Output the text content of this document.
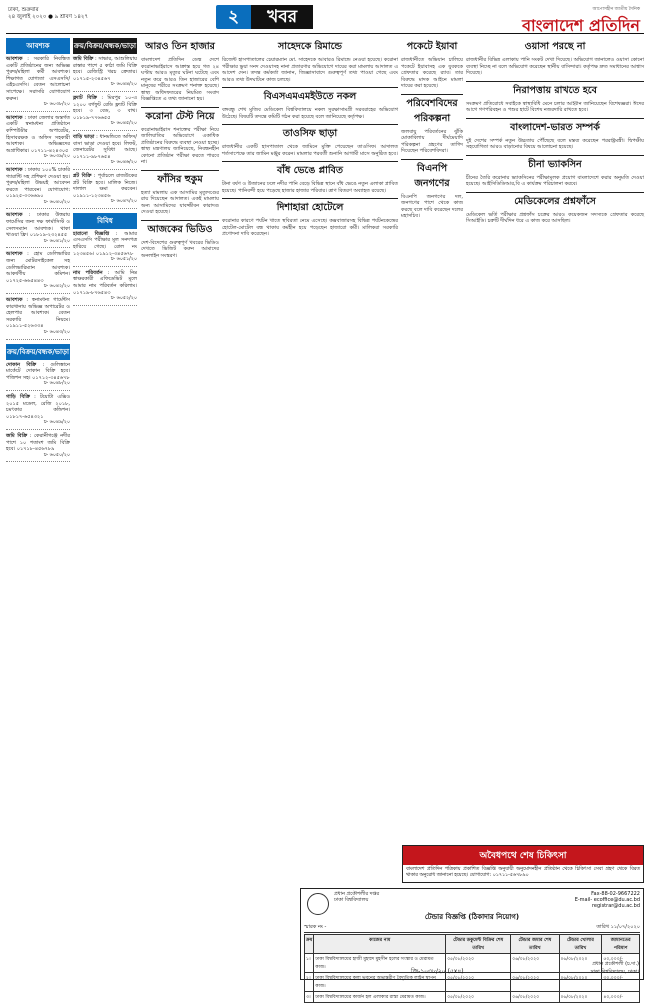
ঢাকা, শুক্রবার
২৪ জুলাই ২০২০ ● ৯ শ্রাবণ ১৪২৭	২	খবর	আপোসহীন জাতীয় দৈনিক
বাংলাদেশ প্রতিদিন
আবশ্যক
আবশ্যক : সরকারি নিবন্ধিত একটি প্রতিষ্ঠানের জন্য অভিজ্ঞ পুরুষ/মহিলা কর্মী আবশ্যক। শিক্ষাগত যোগ্যতা এসএসসি/এইচএসসি। বেতন আলোচনা সাপেক্ষে। সরাসরি যোগাযোগ করুন।
চ- ৬০৩৮/২০
আবশ্যক : ঢাকা জেলার অন্তর্গত একটি স্বনামধন্য প্রতিষ্ঠানে কম্পিউটার অপারেটর, হিসাবরক্ষক ও অফিস সহকারী আবশ্যক। অভিজ্ঞদের অগ্রাধিকার। ০১৭১১-৪২৪৩০৫
চ- ৬০৩৯/২০
আবশ্যক : ঢাকায় ১০০% চাকরি গ্যারান্টি সহ প্রশিক্ষণ দেওয়া হয়। পুরুষ/মহিলা উভয়ই আবেদন করতে পারবেন। যোগাযোগ: ০১৯২৫-৩৩৬৬৯০
চ- ৬০৪০/২০
আবশ্যক : ঢাকার উত্তরায় ফার্মেসির জন্য দক্ষ ফার্মাসিস্ট ও সেলসম্যান আবশ্যক। থাকা খাওয়া ফ্রি। ০১৮১৯-২৩২৪৫৫
চ- ৬০৪১/২০
আবশ্যক : হোম ডেলিভারির জন্য মোটরসাইকেল সহ ডেলিভারিম্যান আবশ্যক। আকর্ষণীয় কমিশন। ০১৭২৫-৬৬৫৪৪৩
চ- ৬০৪২/২০
আবশ্যক : স্বনামধন্য গার্মেন্টস কারখানায় অভিজ্ঞ অপারেটর ও হেলপার আবশ্যক। বেতন সরকারি নিয়মে। ০১৯১১-৫২৬৩৩৪
চ- ৬০৪৩/২০
ক্রয়/বিক্রয়/বন্ধক/ভাড়া
দোকান বিক্রি : গুলিস্তানে মার্কেটে দোকান বিক্রি হবে। পজিশন সহ। ০১৭১২-৩৪৫৬৭৮
চ- ৬০৪৮/২০
গাড়ি বিক্রি : টয়োটা এক্সিও ২০১৫ মডেল, রেজি ২০১৮, চমৎকার কন্ডিশন। ০১৮১৭-৬৫৪৩২১
চ- ৬০৪৯/২০
জমি বিক্রি : কেরানীগঞ্জে নদীর পাশে ১০ শতাংশ জমি বিক্রি হবে। ০১৭১৮-৪৫৬৭৮৯
চ- ৬০৫০/২০
ক্রয়/বিক্রয়/বন্ধক/ভাড়া
জমি বিক্রি : সাভার, আশুলিয়ায় রাস্তার পাশে ৫ কাঠা জমি বিক্রি হবে। রেজিস্ট্রি খরচ ক্রেতার। ০১৭১৫-২৩৪৫৬৭
চ- ৬০৪৪/২০
ফ্ল্যাট বিক্রি : মিরপুর ১০-এ ১২০০ বর্গফুট রেডি ফ্ল্যাট বিক্রি হবে। ৩ বেড, ৩ বাথ। ০১৮১৯-৭৭৬৬৫৫
চ- ৬০৪৫/২০
বাড়ি ভাড়া : ধানমন্ডিতে অফিস/বাসা ভাড়া দেওয়া হবে। লিফট, জেনারেটর সুবিধা আছে। ০১৭১১-৯৮৭৬৫৪
চ- ৬০৪৬/২০
প্লট বিক্রি : পূর্বাচলে রাজউকের প্লট বিক্রি হবে। মালিক নিজে। দালাল ক্ষমা করবেন। ০১৯১১-১২৩৪৫৬
চ- ৬০৪৭/২০
বিবিধ
হারানো বিজ্ঞপ্তি : আমার এসএসসি পরীক্ষার মূল সনদপত্র হারিয়ে গেছে। রোল নং ১২৩৪৫৬। ০১৯১২-৩৪৫৬৭৮
চ- ৬০৫১/২০
নাম পরিবর্তন : আমি নিম্ন স্বাক্ষরকারী এফিডেভিট মূলে আমার নাম পরিবর্তন করিলাম। ০১৭১৯-৮৭৬৫৪৩
চ- ৬০৫২/২০
আরও তিন হাজার

বাংলাদেশ প্রতিদিন ডেস্ক দেশে করোনাভাইরাসে আক্রান্ত হয়ে গত ২৪ ঘণ্টায় আরও মৃত্যুর ঘটনা ঘটেছে এবং নতুন করে আরও তিন হাজারের বেশি মানুষের শরীরে সংক্রমণ শনাক্ত হয়েছে। স্বাস্থ্য অধিদফতরের নিয়মিত সংবাদ বিজ্ঞপ্তিতে এ তথ্য জানানো হয়।

করোনা টেস্ট নিয়ে

করোনাভাইরাস শনাক্তের পরীক্ষা নিয়ে জালিয়াতির অভিযোগে একাধিক প্রতিষ্ঠানের বিরুদ্ধে ব্যবস্থা নেওয়া হচ্ছে। স্বাস্থ্য মন্ত্রণালয় জানিয়েছে, নিবন্ধনহীন কোনো প্রতিষ্ঠান পরীক্ষা করতে পারবে না।

ফাঁসির হুকুম

হত্যা মামলায় এক আসামির মৃত্যুদণ্ডের রায় দিয়েছেন আদালত। একই মামলায় অন্য আসামিদের যাবজ্জীবন কারাদণ্ড দেওয়া হয়েছে।

আজকের ভিডিও

দেশ-বিদেশের গুরুত্বপূর্ণ খবরের ভিডিও দেখতে ভিজিট করুন আমাদের অনলাইন সংস্করণ।

সাহেদকে রিমান্ডে

রিজেন্ট হাসপাতালের চেয়ারম্যান মো. সাহেদকে আবারও রিমান্ডে নেওয়া হয়েছে। করোনা পরীক্ষার ভুয়া সনদ দেওয়াসহ নানা প্রতারণার অভিযোগে দায়ের করা মামলায় আদালত এ আদেশ দেন। তদন্ত কর্মকর্তা জানান, জিজ্ঞাসাবাদে গুরুত্বপূর্ণ তথ্য পাওয়া গেছে এবং আরও তথ্য উদঘাটনে কাজ চলছে।

বিএসএমএমইউতে নকল

বঙ্গবন্ধু শেখ মুজিব মেডিকেল বিশ্ববিদ্যালয়ে নকল সুরক্ষাসামগ্রী সরবরাহের অভিযোগ উঠেছে। বিষয়টি তদন্তে কমিটি গঠন করা হয়েছে বলে জানিয়েছে কর্তৃপক্ষ।

তাওসিফ ছাড়া

রাজধানীর একটি হাসপাতাল থেকে জামিনে মুক্তি পেয়েছেন তাওসিফ। আদালত শর্তসাপেক্ষে তার জামিন মঞ্জুর করেন। মামলার পরবর্তী শুনানি আগামী মাসে অনুষ্ঠিত হবে।

বাঁধ ভেঙে প্লাবিত

টানা বর্ষণ ও উজানের ঢলে নদীর পানি বেড়ে বিভিন্ন স্থানে বাঁধ ভেঙে নতুন এলাকা প্লাবিত হয়েছে। পানিবন্দী হয়ে পড়েছে হাজার হাজার পরিবার। ত্রাণ বিতরণ অব্যাহত রয়েছে।

দিশাহারা হোটেলে

করোনার কারণে পর্যটন খাতে স্থবিরতা নেমে এসেছে। কক্সবাজারসহ বিভিন্ন পর্যটনকেন্দ্রের হোটেল-মোটেল বন্ধ থাকায় কর্মহীন হয়ে পড়েছেন হাজারো কর্মী। মালিকরা সরকারি প্রণোদনা দাবি করেছেন।

পকেটে ইয়াবা

রাজধানীতে অভিযান চালিয়ে পকেটে ইয়াবাসহ এক যুবককে গ্রেফতার করেছে র‌্যাব। তার বিরুদ্ধে মাদক আইনে মামলা দায়ের করা হয়েছে।

পরিবেশবিদের পরিকল্পনা

জলবায়ু পরিবর্তনের ঝুঁকি মোকাবিলায় দীর্ঘমেয়াদি পরিকল্পনা গ্রহণের তাগিদ দিয়েছেন পরিবেশবিদরা।

বিএনপি জনগণের

বিএনপি জনগণের দল, জনগণের পাশে থেকে কাজ করছে বলে দাবি করেছেন দলের মহাসচিব।

ওয়াসা পরছে না

রাজধানীর বিভিন্ন এলাকায় পানি সংকট দেখা দিয়েছে। অভিযোগ জানালেও ওয়াসা কোনো ব্যবস্থা নিচ্ছে না বলে অভিযোগ করেছেন স্থানীয় বাসিন্দারা। কর্তৃপক্ষ দ্রুত সমাধানের আশ্বাস দিয়েছে।

নিরাপত্তায় রাখতে হবে

সংক্রমণ প্রতিরোধে সবাইকে স্বাস্থ্যবিধি মেনে চলার আহ্বান জানিয়েছেন বিশেষজ্ঞরা। ঈদের আগে গণপরিবহন ও পশুর হাটে বিশেষ নজরদারি রাখতে হবে।

বাংলাদেশ-ভারত সম্পর্ক

দুই দেশের সম্পর্ক নতুন উচ্চতায় পৌঁছেছে বলে মন্তব্য করেছেন পররাষ্ট্রমন্ত্রী। দ্বিপক্ষীয় সহযোগিতা আরও বাড়ানোর বিষয়ে আলোচনা হয়েছে।

চীনা ভ্যাকসিন

চীনের তৈরি করোনার ভ্যাকসিনের পরীক্ষামূলক প্রয়োগ বাংলাদেশে করার অনুমতি দেওয়া হয়েছে। আইসিডিডিআর,বি এ কার্যক্রম পরিচালনা করবে।

মেডিকেলের প্রশ্নফাঁসে

মেডিকেল ভর্তি পরীক্ষার প্রশ্নফাঁস চক্রের আরও কয়েকজন সদস্যকে গ্রেফতার করেছে সিআইডি। চক্রটি দীর্ঘদিন ধরে এ কাজ করে আসছিল।

অবৈধপথে শেষ চিকিৎসা

বাংলাদেশ প্রতিদিন পত্রিকায় প্রকাশিত বিজ্ঞপ্তি অনুযায়ী অনুমোদনহীন প্রতিষ্ঠান থেকে চিকিৎসা সেবা গ্রহণ থেকে বিরত থাকার অনুরোধ জানানো হয়েছে। যোগাযোগ: ০১৭১১-৫৬৭৮৯০

প্রধান প্রকৌশলীর দপ্তর
ঢাকা বিশ্ববিদ্যালয়
Fax-88-02-9667222
E-mail- ecoffice@du.ac.bd
registrar@du.ac.bd
টেন্ডার বিজ্ঞপ্তি (ঠিকাদার নিয়োগ)
স্মারক নং -	তারিখ ১১/০৭/২০২০
ক্রম	কাজের নাম	টেন্ডার ডকুমেন্ট বিক্রির শেষ তারিখ	টেন্ডার জমার শেষ তারিখ	টেন্ডার খোলার তারিখ	জামানতের পরিমাণ
১।	ঢাকা বিশ্ববিদ্যালয়ের হাজী মুহম্মদ মুহসীন হলের সংস্কার ও মেরামত কাজ।	০৫/০৮/২০২০	০৬/০৮/২০২০	০৬/০৮/২০২০	৫০,০০০/-
২।	ঢাকা বিশ্ববিদ্যালয়ের কলা ভবনের অভ্যন্তরীণ বৈদ্যুতিক লাইন স্থাপন কাজ।	০৫/০৮/২০২০	০৬/০৮/২০২০	০৬/০৮/২০২০	৩০,০০০/-
৩।	ঢাকা বিশ্ববিদ্যালয়ের কার্জন হল এলাকার রাস্তা মেরামত কাজ।	০৫/০৮/২০২০	০৬/০৮/২০২০	০৬/০৮/২০২০	৪০,০০০/-
জি-১০৩৮/২০ (৫x৪)
প্রধান প্রকৌশলী (চ.দা.)
ঢাকা বিশ্ববিদ্যালয়, ঢাকা।
